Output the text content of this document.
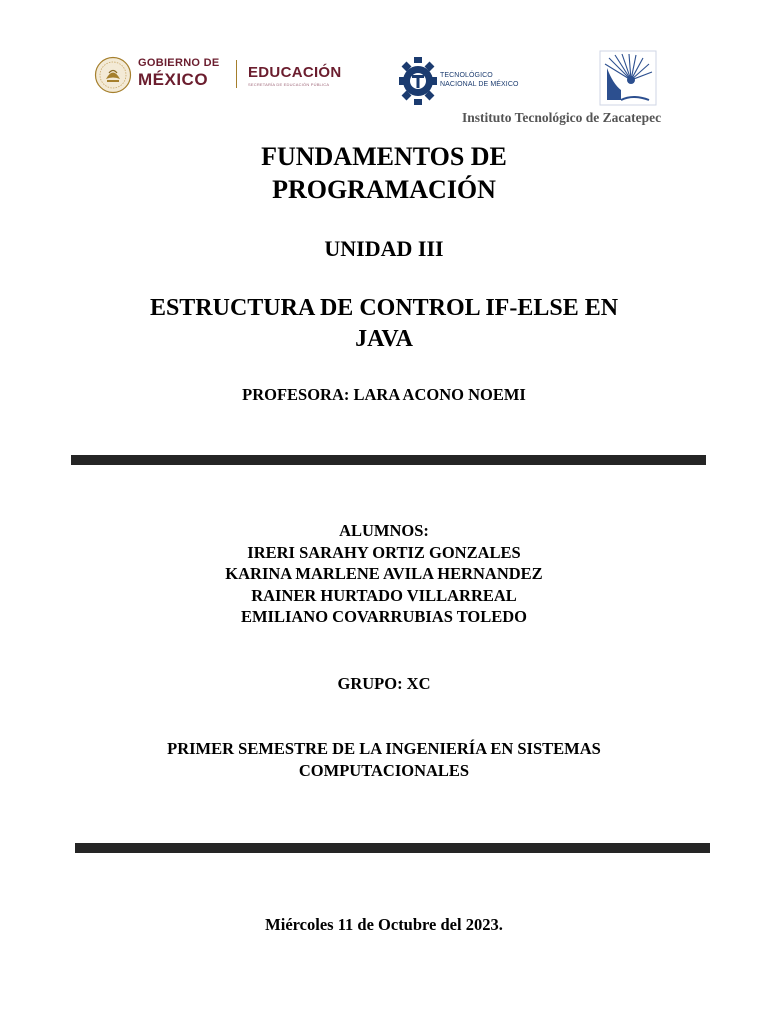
GOBIERNO DE
MÉXICO	EDUCACIÓN
SECRETARÍA DE EDUCACIÓN PÚBLICA
TECNOLÓGICO
NACIONAL DE MÉXICO
Instituto Tecnológico de Zacatepec
FUNDAMENTOS DE
PROGRAMACIÓN
UNIDAD III
ESTRUCTURA DE CONTROL IF-ELSE EN
JAVA
PROFESORA: LARA ACONO NOEMI
ALUMNOS:
IRERI SARAHY ORTIZ GONZALES
KARINA MARLENE AVILA HERNANDEZ
RAINER HURTADO VILLARREAL
EMILIANO COVARRUBIAS TOLEDO
GRUPO: XC
PRIMER SEMESTRE DE LA INGENIERÍA EN SISTEMAS
COMPUTACIONALES
Miércoles 11 de Octubre del 2023.
